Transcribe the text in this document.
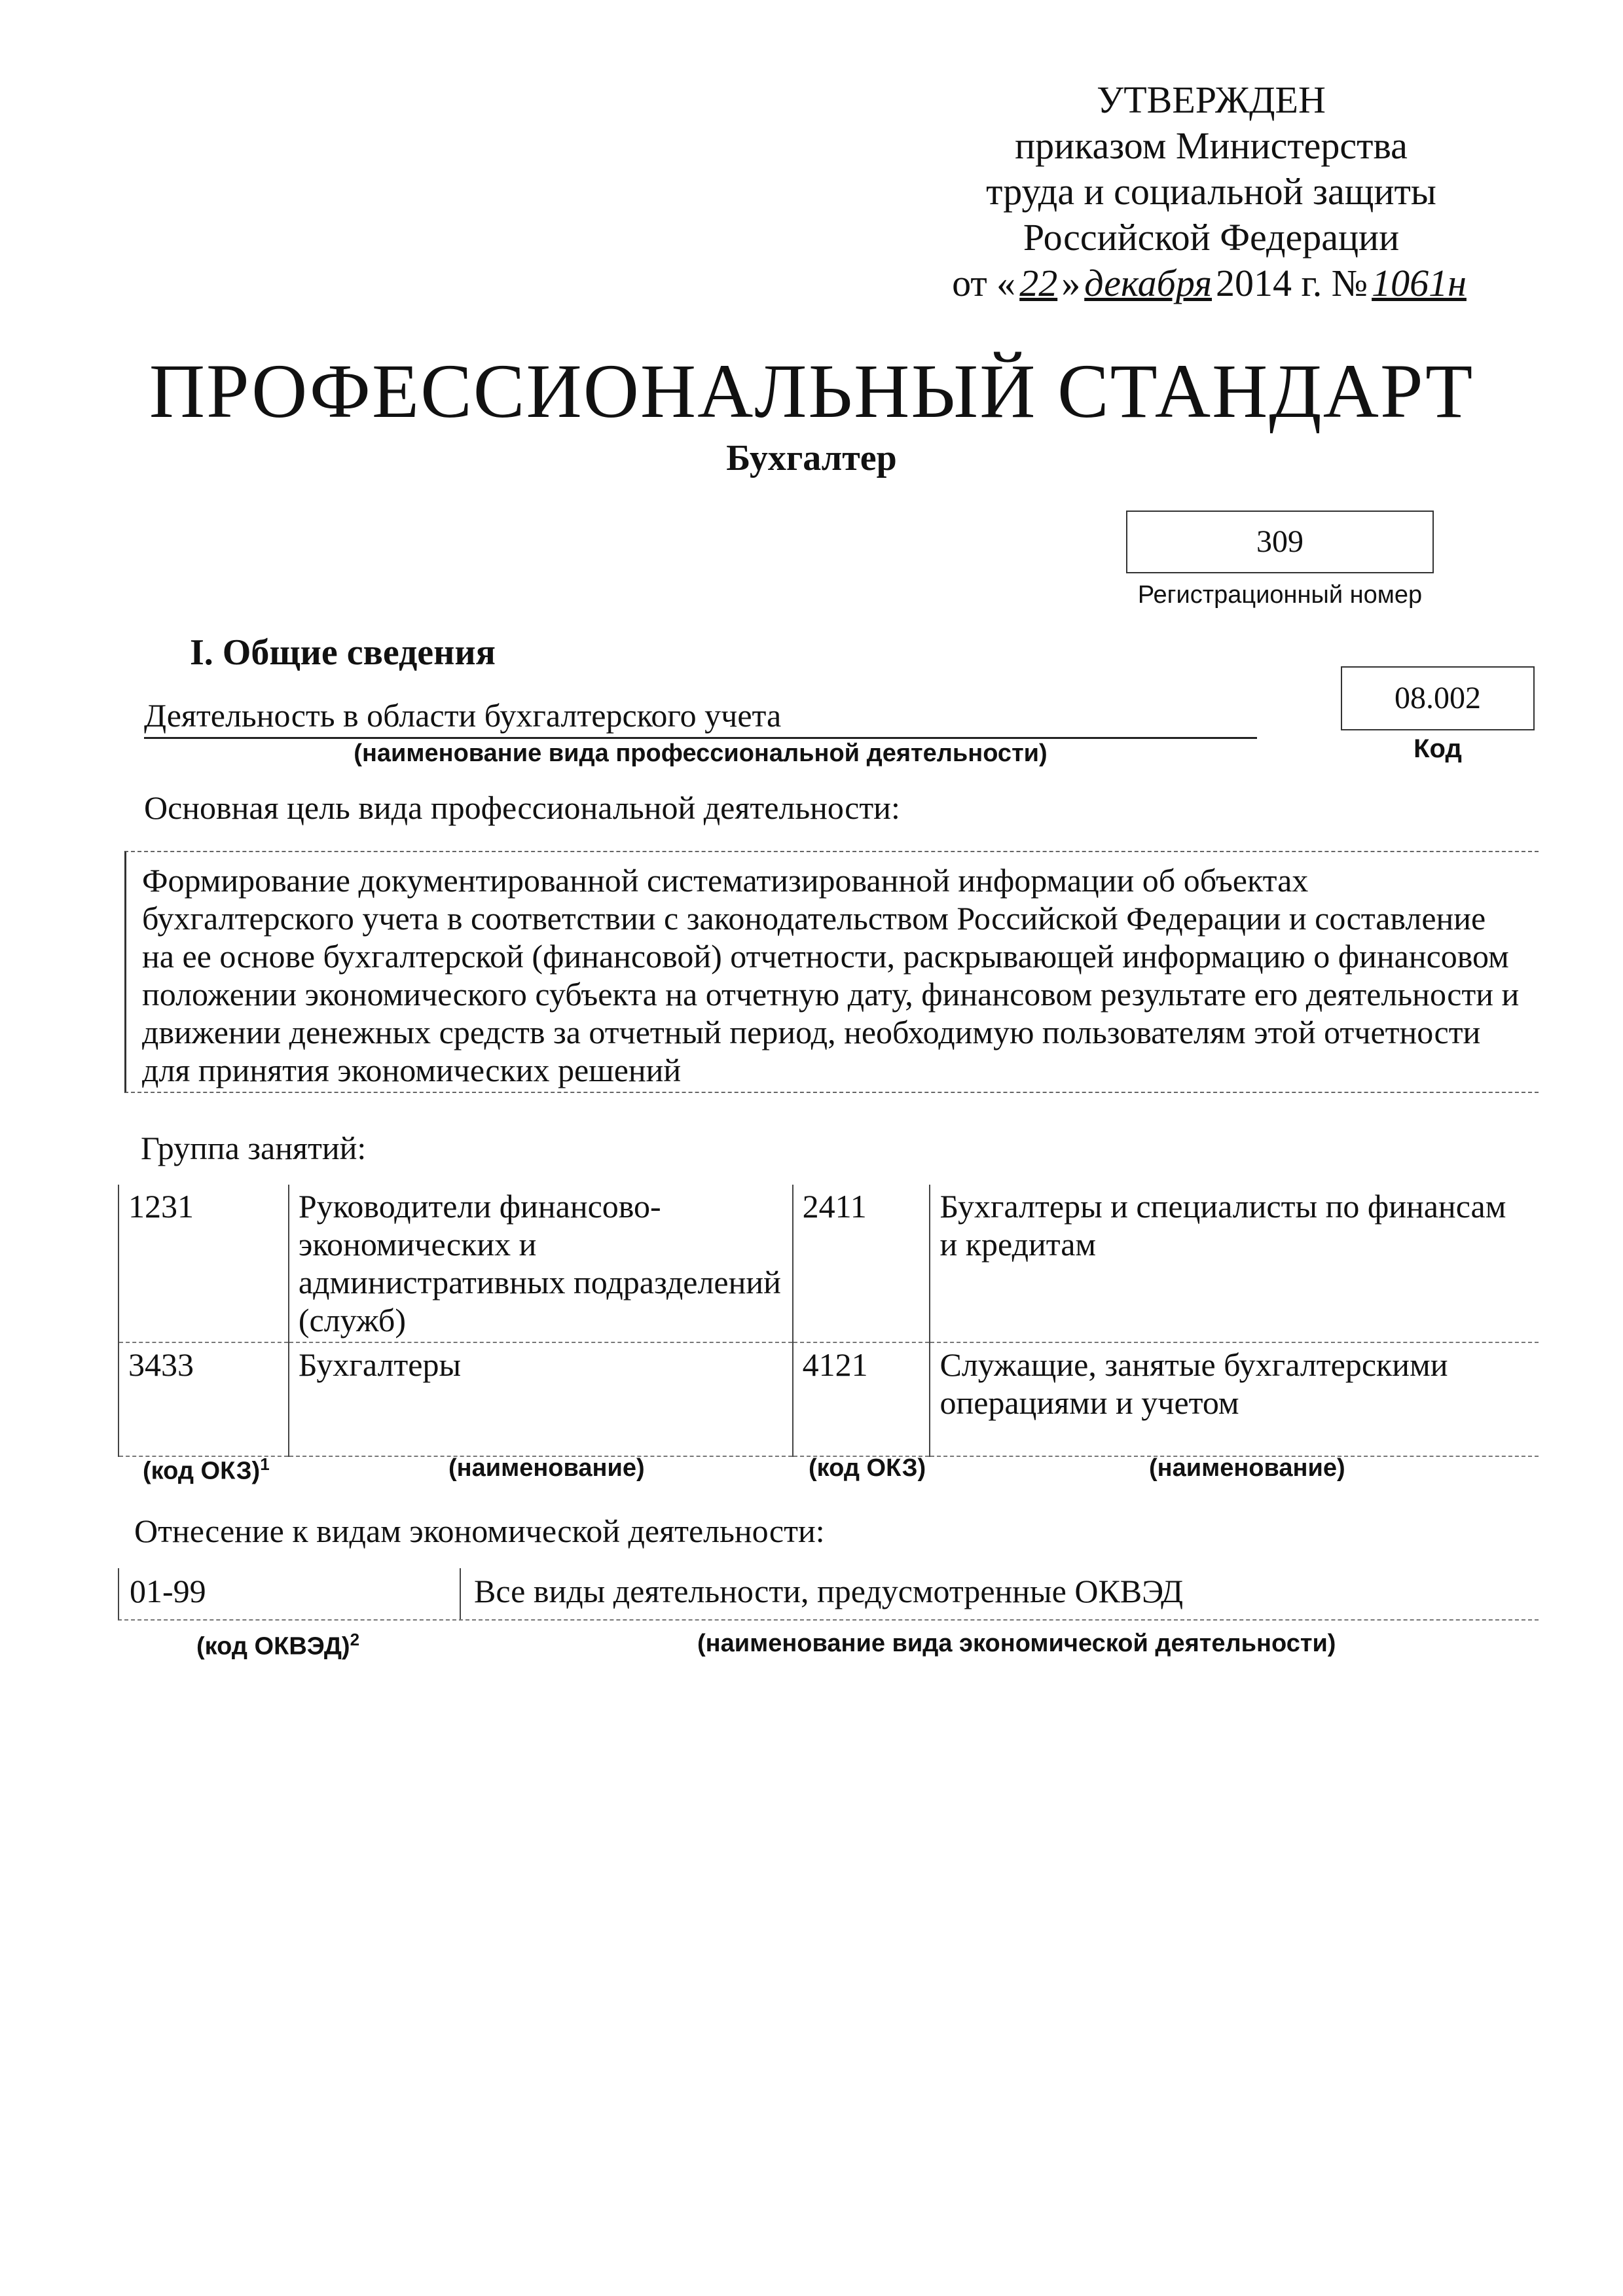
УТВЕРЖДЕН
приказом Министерства
труда и социальной защиты
Российской Федерации
от « 22 » декабря 2014 г. № 1061н
ПРОФЕССИОНАЛЬНЫЙ СТАНДАРТ
Бухгалтер
309
Регистрационный номер
I. Общие сведения
Деятельность в области бухгалтерского учета
(наименование вида профессиональной деятельности)
08.002
Код
Основная цель вида профессиональной деятельности:
Формирование документированной систематизированной информации об объектах бухгалтерского учета в соответствии с законодательством Российской Федерации и составление на ее основе бухгалтерской (финансовой) отчетности, раскрывающей информацию о финансовом положении экономического субъекта на отчетную дату, финансовом результате его деятельности и движении денежных средств за отчетный период, необходимую пользователям этой отчетности для принятия экономических решений
Группа занятий:
1231	Руководители финансово-экономических и административных подразделений (служб)	2411	Бухгалтеры и специалисты по финансам и кредитам
3433	Бухгалтеры	4121	Служащие, занятые бухгалтерскими операциями и учетом
(код ОКЗ)$^1$	(наименование)	(код ОКЗ)	(наименование)
Отнесение к видам экономической деятельности:
01-99	Все виды деятельности, предусмотренные ОКВЭД
(код ОКВЭД)$^2$	(наименование вида экономической деятельности)
